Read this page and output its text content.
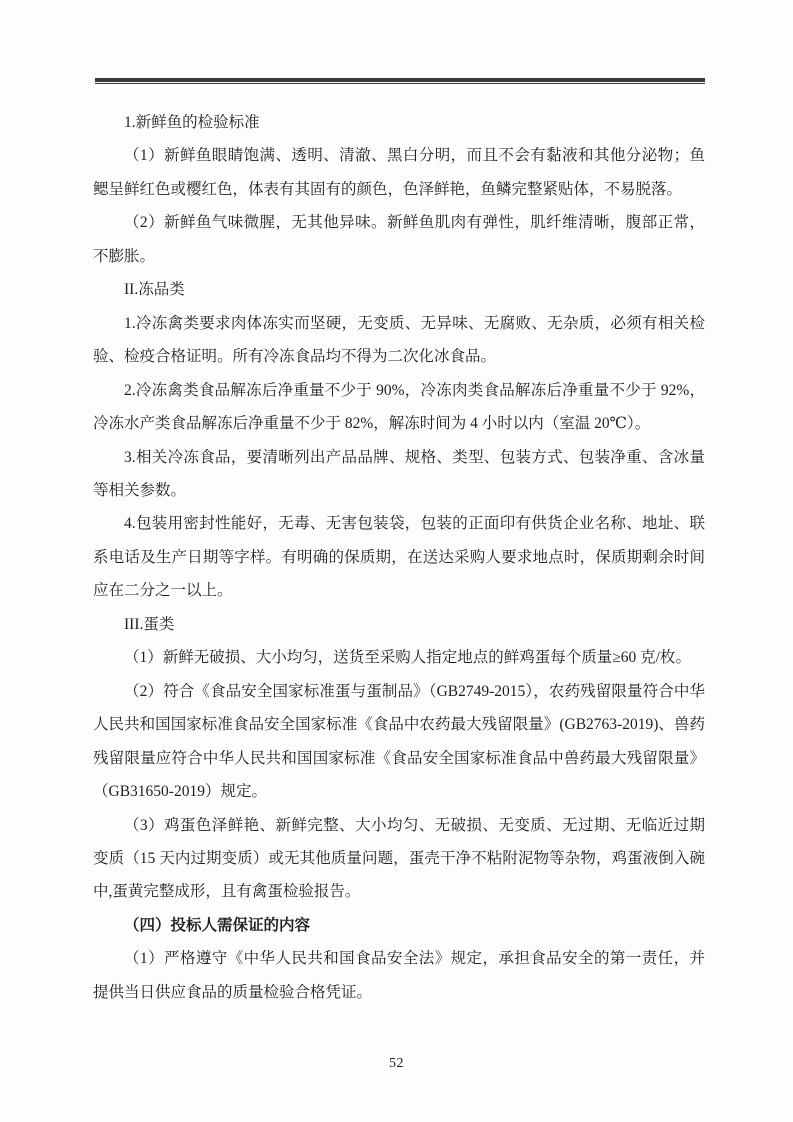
1.新鲜鱼的检验标准

（1）新鲜鱼眼睛饱满、透明、清澈、黑白分明，而且不会有黏液和其他分泌物；鱼鳃呈鲜红色或樱红色，体表有其固有的颜色，色泽鲜艳，鱼鳞完整紧贴体，不易脱落。

（2）新鲜鱼气味微腥，无其他异味。新鲜鱼肌肉有弹性，肌纤维清晰，腹部正常，不膨胀。

II.冻品类

1.冷冻禽类要求肉体冻实而坚硬，无变质、无异味、无腐败、无杂质，必须有相关检验、检疫合格证明。所有冷冻食品均不得为二次化冰食品。

2.冷冻禽类食品解冻后净重量不少于 90%，冷冻肉类食品解冻后净重量不少于 92%，冷冻水产类食品解冻后净重量不少于 82%，解冻时间为 4 小时以内（室温 20℃）。

3.相关冷冻食品，要清晰列出产品品牌、规格、类型、包装方式、包装净重、含冰量等相关参数。

4.包装用密封性能好，无毒、无害包装袋，包装的正面印有供货企业名称、地址、联系电话及生产日期等字样。有明确的保质期，在送达采购人要求地点时，保质期剩余时间应在二分之一以上。

III.蛋类

（1）新鲜无破损、大小均匀，送货至采购人指定地点的鲜鸡蛋每个质量≥60 克/枚。

（2）符合《食品安全国家标准蛋与蛋制品》（GB2749-2015），农药残留限量符合中华人民共和国国家标准食品安全国家标准《食品中农药最大残留限量》(GB2763-2019)、兽药残留限量应符合中华人民共和国国家标准《食品安全国家标准食品中兽药最大残留限量》（GB31650-2019）规定。

（3）鸡蛋色泽鲜艳、新鲜完整、大小均匀、无破损、无变质、无过期、无临近过期变质（15 天内过期变质）或无其他质量问题，蛋壳干净不粘附泥物等杂物，鸡蛋液倒入碗中,蛋黄完整成形，且有禽蛋检验报告。

（四）投标人需保证的内容

（1）严格遵守《中华人民共和国食品安全法》规定，承担食品安全的第一责任，并提供当日供应食品的质量检验合格凭证。

52
